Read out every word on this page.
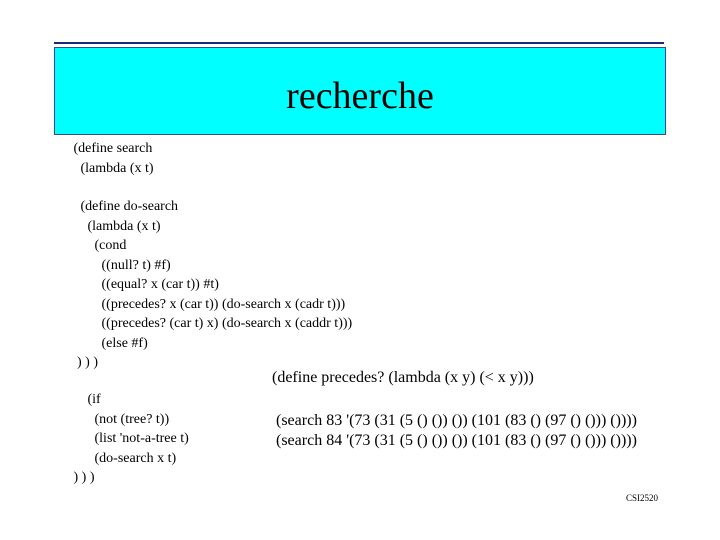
recherche
(define search
(lambda (x t)
(define do-search
(lambda (x t)
(cond
((null? t) #f)
((equal? x (car t)) #t)
((precedes? x (car t)) (do-search x (cadr t)))
((precedes? (car t) x) (do-search x (caddr t)))
(else #f)
) ) )
(if
(not (tree? t))
(list 'not-a-tree t)
(do-search x t)
) ) )
(define precedes? (lambda (x y) (< x y)))
(search 83 '(73 (31 (5 () ()) ()) (101 (83 () (97 () ())) ())))
(search 84 '(73 (31 (5 () ()) ()) (101 (83 () (97 () ())) ())))
CSI2520
